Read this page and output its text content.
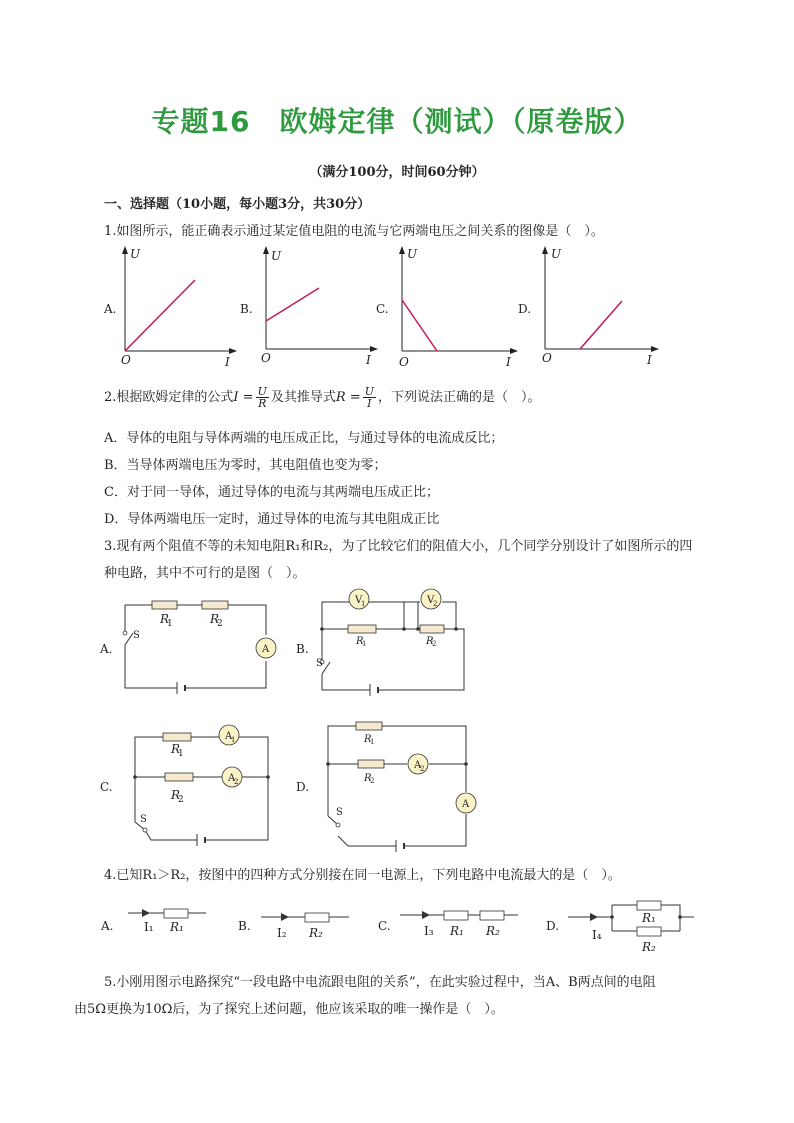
专题16　欧姆定律（测试）（原卷版）
（满分100分，时间60分钟）
一、选择题（10小题，每小题3分，共30分）
1.如图所示，能正确表示通过某定值电阻的电流与它两端电压之间关系的图像是（　）。
A.	B.	C.	D.
U
I
O
U
I
O
U
I
O
U
I
O
2.根据欧姆定律的公式$I = \frac{U}{R}$ 及其推导式$R = \frac{U}{I}$ ，下列说法正确的是（　）。
A．导体的电阻与导体两端的电压成正比，与通过导体的电流成反比；
B．当导体两端电压为零时，其电阻值也变为零；
C．对于同一导体，通过导体的电流与其两端电压成正比；
D．导体两端电压一定时，通过导体的电流与其电阻成正比
3.现有两个阻值不等的未知电阻R₁和R₂，为了比较它们的阻值大小，几个同学分别设计了如图所示的四
种电路，其中不可行的是图（　）。
A.	B.
C.	D.
R
1	R
2
A
S
V
1	V
2
R
1	R
2
S
A
1
A
2
R
1
R
2
S
A
2
A
R
1
R
2
S
4.已知R₁＞R₂，按图中的四种方式分别接在同一电源上，下列电路中电流最大的是（　）。
A.	B.	C.	D.
I₁ R₁	I₂ R₂	I₃ R₁ R₂	I₄
R₁
R₂
5.小刚用图示电路探究“一段电路中电流跟电阻的关系”，在此实验过程中，当A、B两点间的电阻
由5Ω更换为10Ω后，为了探究上述问题，他应该采取的唯一操作是（　）。
